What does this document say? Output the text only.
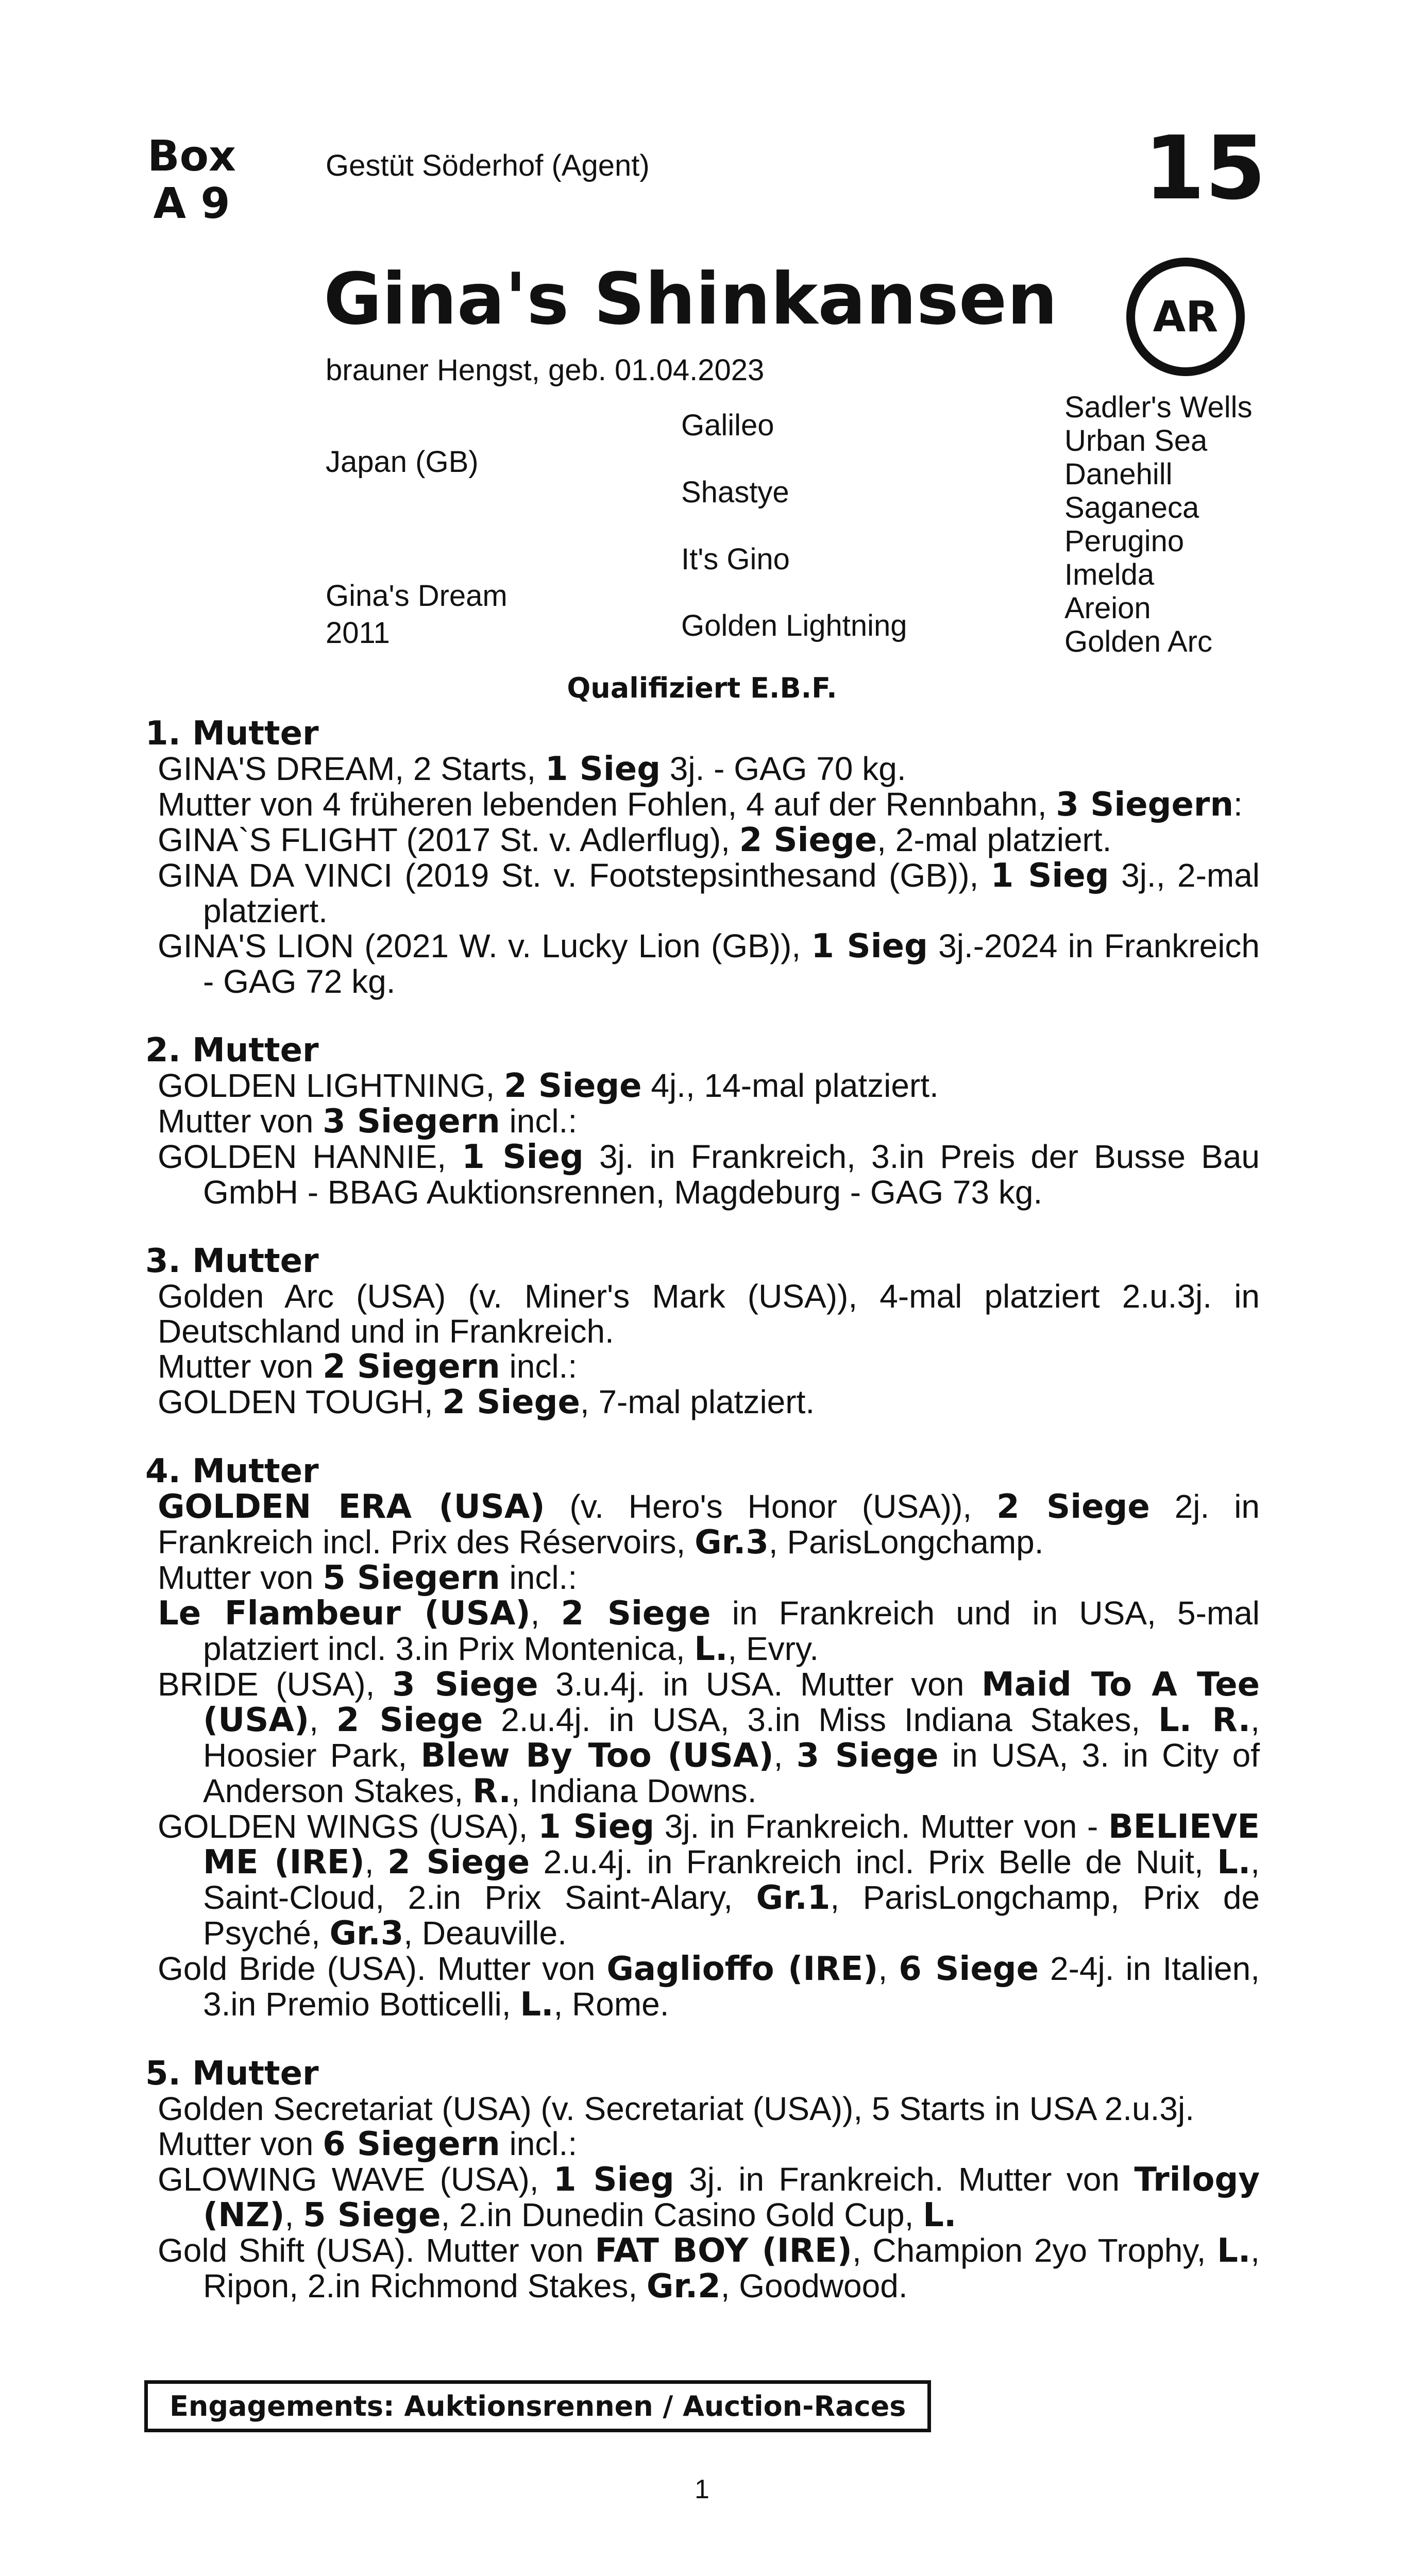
Box
A 9
Gestüt Söderhof (Agent)	15
AR
Gina's Shinkansen
brauner Hengst, geb. 01.04.2023
Japan (GB)
Gina's Dream
2011
Galileo
Shastye
It's Gino
Golden Lightning
Sadler's Wells
Urban Sea
Danehill
Saganeca
Perugino
Imelda
Areion
Golden Arc
Qualifiziert E.B.F.
1. Mutter

GINA'S DREAM, 2 Starts, 1 Sieg 3j. - GAG 70 kg.

Mutter von 4 früheren lebenden Fohlen, 4 auf der Rennbahn, 3 Siegern:

GINA`S FLIGHT (2017 St. v. Adlerflug), 2 Siege, 2-mal platziert.

GINA DA VINCI (2019 St. v. Footstepsinthesand (GB)), 1 Sieg 3j., 2-mal platziert.

GINA'S LION (2021 W. v. Lucky Lion (GB)), 1 Sieg 3j.-2024 in Frankreich - GAG 72 kg.

2. Mutter

GOLDEN LIGHTNING, 2 Siege 4j., 14-mal platziert.

Mutter von 3 Siegern incl.:

GOLDEN HANNIE, 1 Sieg 3j. in Frankreich, 3.in Preis der Busse Bau GmbH - BBAG Auktionsrennen, Magdeburg - GAG 73 kg.

3. Mutter

Golden Arc (USA) (v. Miner's Mark (USA)), 4-mal platziert 2.u.3j. in Deutschland und in Frankreich.

Mutter von 2 Siegern incl.:

GOLDEN TOUGH, 2 Siege, 7-mal platziert.

4. Mutter

GOLDEN ERA (USA) (v. Hero's Honor (USA)), 2 Siege 2j. in Frankreich incl. Prix des Réservoirs, Gr.3, ParisLongchamp.

Mutter von 5 Siegern incl.:

Le Flambeur (USA), 2 Siege in Frankreich und in USA, 5-mal platziert incl. 3.in Prix Montenica, L., Evry.

BRIDE (USA), 3 Siege 3.u.4j. in USA. Mutter von Maid To A Tee (USA), 2 Siege 2.u.4j. in USA, 3.in Miss Indiana Stakes, L. R., Hoosier Park, Blew By Too (USA), 3 Siege in USA, 3. in City of Anderson Stakes, R., Indiana Downs.

GOLDEN WINGS (USA), 1 Sieg 3j. in Frankreich. Mutter von - BELIEVE ME (IRE), 2 Siege 2.u.4j. in Frankreich incl. Prix Belle de Nuit, L., Saint-Cloud, 2.in Prix Saint-Alary, Gr.1, ParisLongchamp, Prix de Psyché, Gr.3, Deauville.

Gold Bride (USA). Mutter von Gaglioffo (IRE), 6 Siege 2-4j. in Italien, 3.in Premio Botticelli, L., Rome.

5. Mutter

Golden Secretariat (USA) (v. Secretariat (USA)), 5 Starts in USA 2.u.3j.

Mutter von 6 Siegern incl.:

GLOWING WAVE (USA), 1 Sieg 3j. in Frankreich. Mutter von Trilogy (NZ), 5 Siege, 2.in Dunedin Casino Gold Cup, L.

Gold Shift (USA). Mutter von FAT BOY (IRE), Champion 2yo Trophy, L., Ripon, 2.in Richmond Stakes, Gr.2, Goodwood.

Engagements: Auktionsrennen / Auction-Races
1
